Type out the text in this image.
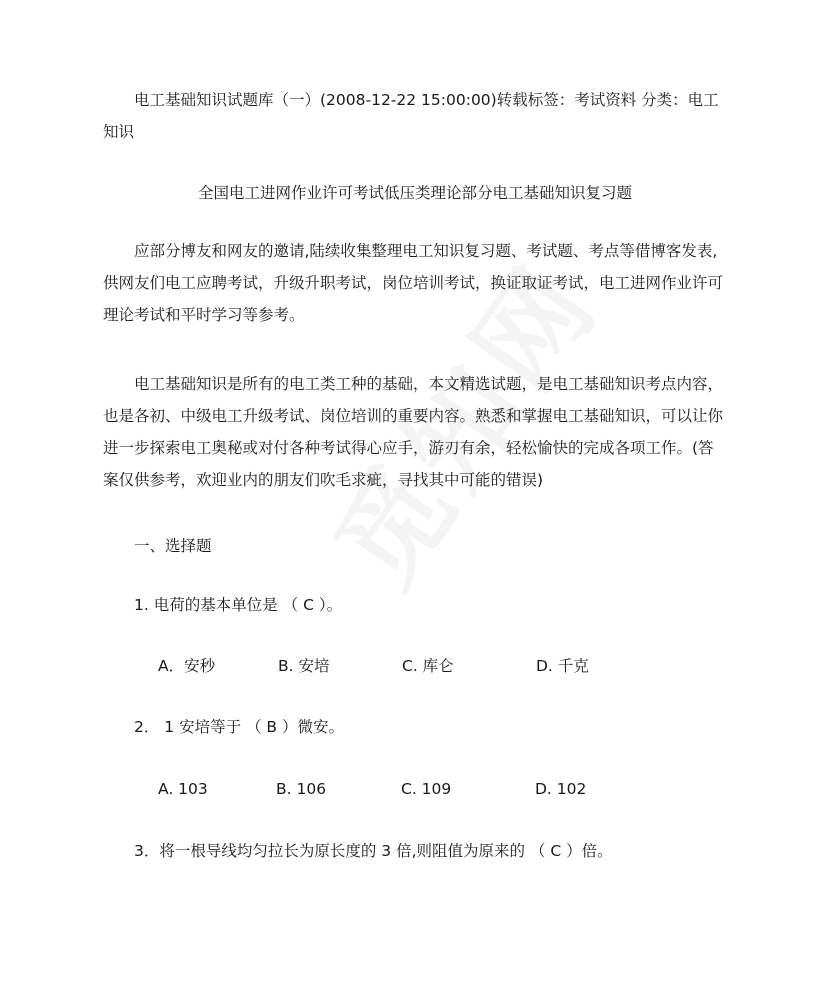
电工基础知识试题库（一）(2008-12-22 15:00:00)转载标签：考试资料 分类：电工
知识
全国电工进网作业许可考试低压类理论部分电工基础知识复习题
应部分博友和网友的邀请,陆续收集整理电工知识复习题、考试题、考点等借博客发表,
供网友们电工应聘考试，升级升职考试，岗位培训考试，换证取证考试，电工进网作业许可
理论考试和平时学习等参考。
电工基础知识是所有的电工类工种的基础，本文精选试题，是电工基础知识考点内容，
也是各初、中级电工升级考试、岗位培训的重要内容。熟悉和掌握电工基础知识，可以让你
进一步探索电工奥秘或对付各种考试得心应手，游刃有余，轻松愉快的完成各项工作。(答
案仅供参考，欢迎业内的朋友们吹毛求疵，寻找其中可能的错误)
一、选择题
1. 电荷的基本单位是 （ C ）。
A．安秒	B. 安培	C. 库仑	D. 千克
2． 1 安培等于 （ B ）微安。
A. 103	B. 106	C. 109	D. 102
3．将一根导线均匀拉长为原长度的 3 倍,则阻值为原来的 （ C ）倍。
